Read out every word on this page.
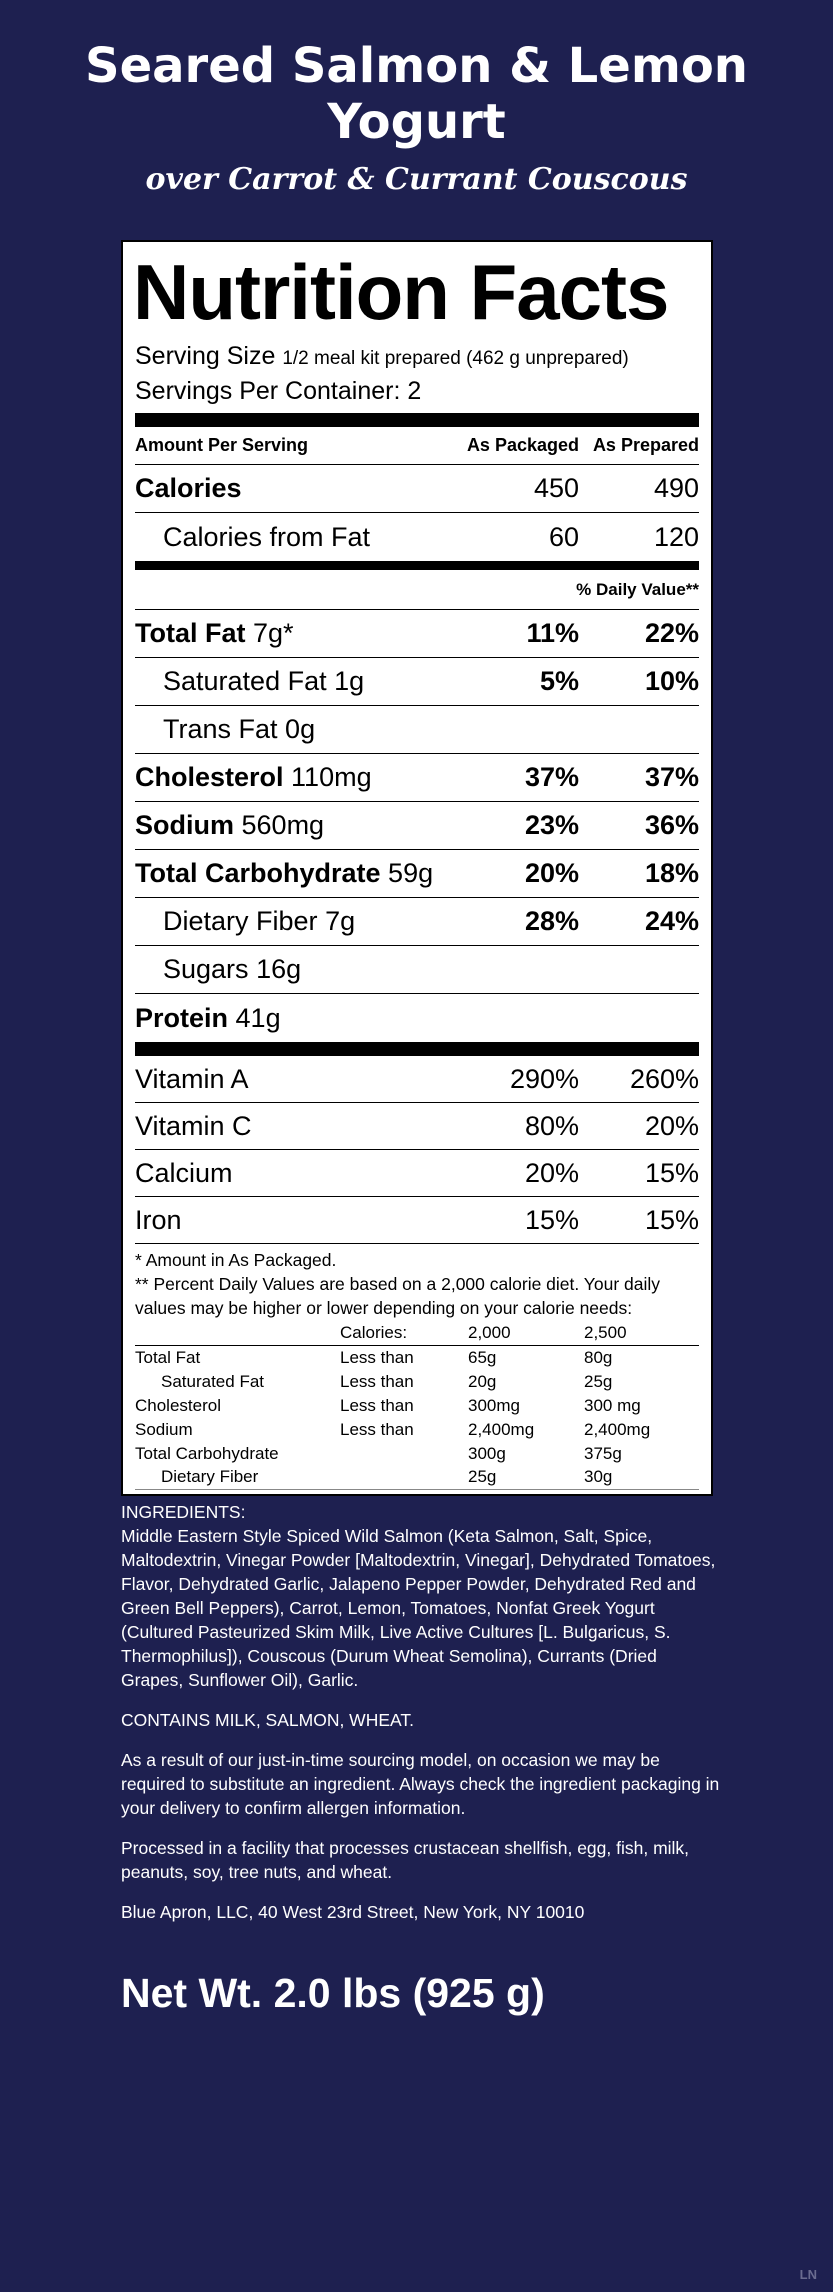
Seared Salmon & Lemon Yogurt
over Carrot & Currant Couscous
Nutrition Facts
Serving Size 1/2 meal kit prepared (462 g unprepared)
Servings Per Container: 2
Amount Per Serving	As Packaged As Prepared
Calories	450	490
Calories from Fat	60	120
% Daily Value**
Total Fat 7g*	11%	22%
Saturated Fat 1g	5%	10%
Trans Fat 0g
Cholesterol 110mg	37%	37%
Sodium 560mg	23%	36%
Total Carbohydrate 59g	20%	18%
Dietary Fiber 7g	28%	24%
Sugars 16g
Protein 41g
Vitamin A	290%	260%
Vitamin C	80%	20%
Calcium	20%	15%
Iron	15%	15%
* Amount in As Packaged.
** Percent Daily Values are based on a 2,000 calorie diet. Your daily values may be higher or lower depending on your calorie needs:
	Calories:	2,000	2,500
Total Fat	Less than	65g	80g
Saturated Fat	Less than	20g	25g
Cholesterol	Less than	300mg	300 mg
Sodium	Less than	2,400mg	2,400mg
Total Carbohydrate		300g	375g
Dietary Fiber		25g	30g
INGREDIENTS:

Middle Eastern Style Spiced Wild Salmon (Keta Salmon, Salt, Spice, Maltodextrin, Vinegar Powder [Maltodextrin, Vinegar], Dehydrated Tomatoes, Flavor, Dehydrated Garlic, Jalapeno Pepper Powder, Dehydrated Red and Green Bell Peppers), Carrot, Lemon, Tomatoes, Nonfat Greek Yogurt (Cultured Pasteurized Skim Milk, Live Active Cultures [L. Bulgaricus, S. Thermophilus]), Couscous (Durum Wheat Semolina), Currants (Dried Grapes, Sunflower Oil), Garlic.

CONTAINS MILK, SALMON, WHEAT.

As a result of our just-in-time sourcing model, on occasion we may be required to substitute an ingredient. Always check the ingredient packaging in your delivery to confirm allergen information.

Processed in a facility that processes crustacean shellfish, egg, fish, milk, peanuts, soy, tree nuts, and wheat.

Blue Apron, LLC, 40 West 23rd Street, New York, NY 10010

Net Wt. 2.0 lbs (925 g)
LN
